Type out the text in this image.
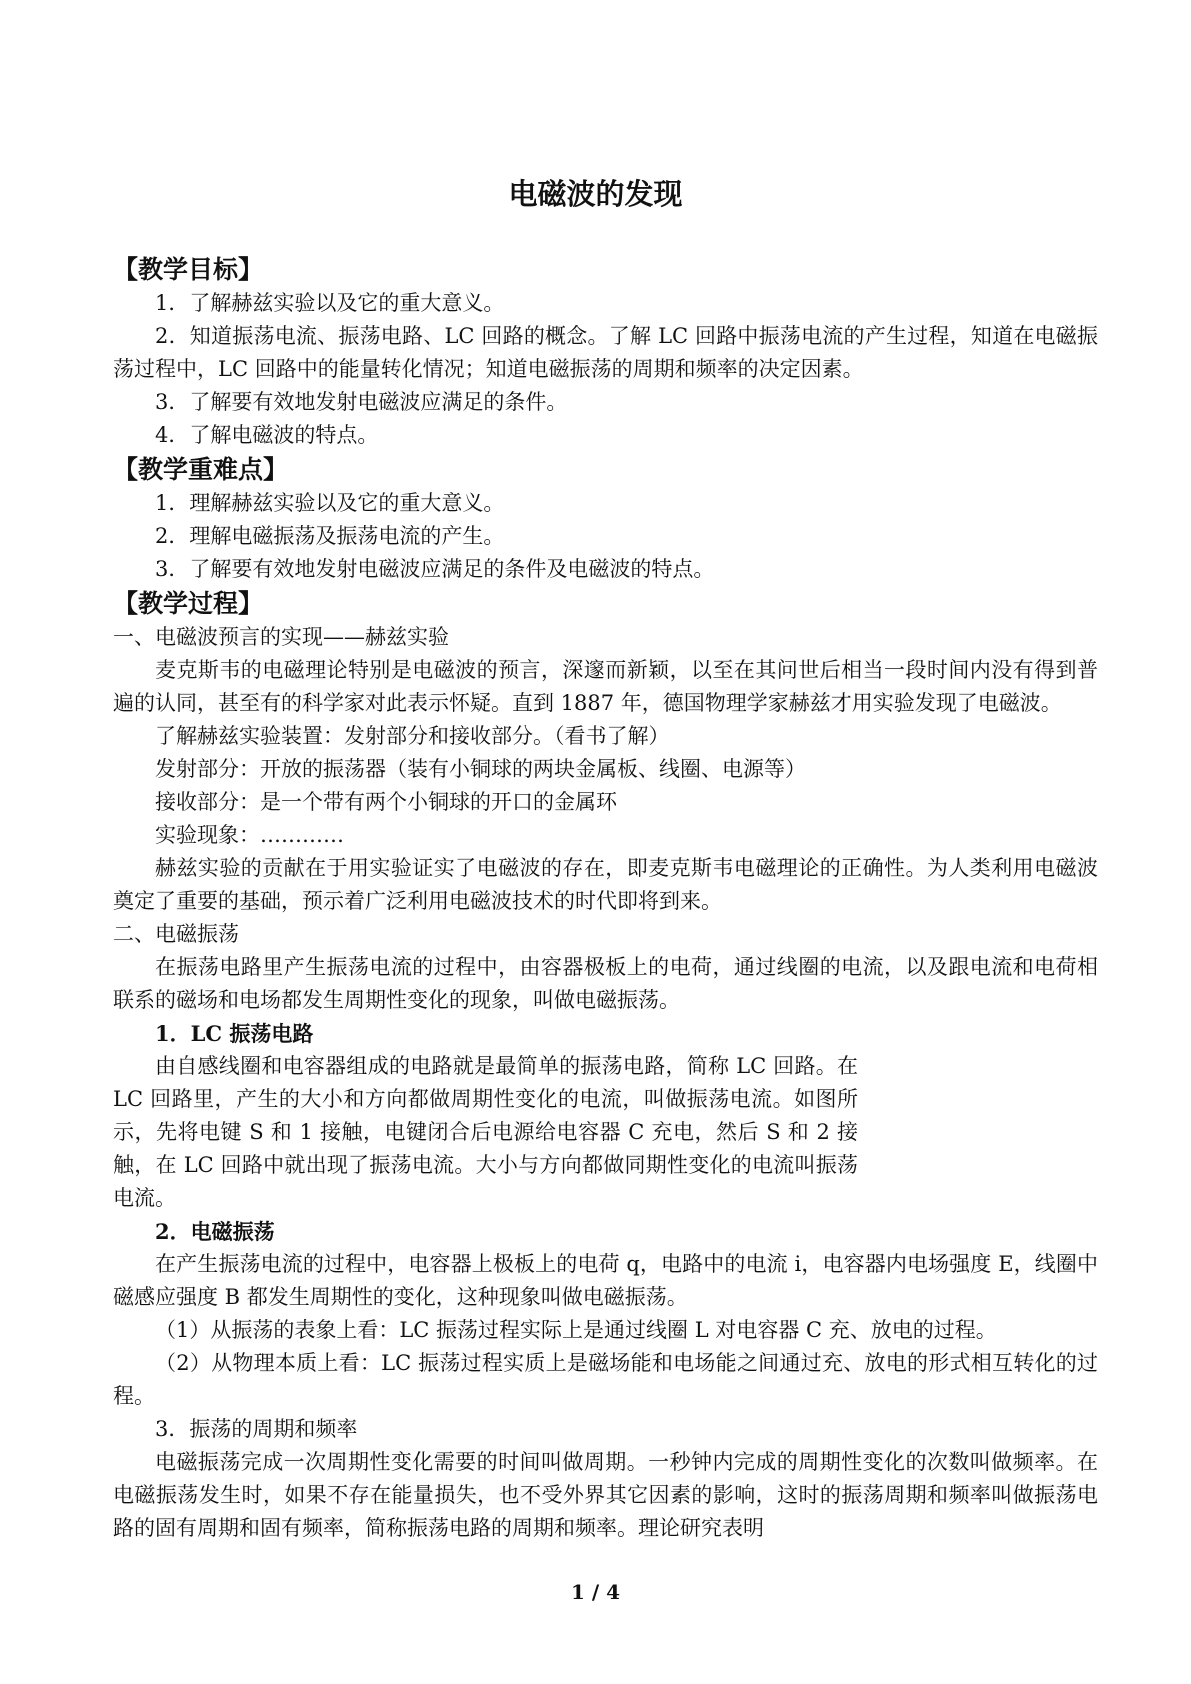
电磁波的发现
【教学目标】

1．了解赫兹实验以及它的重大意义。

2．知道振荡电流、振荡电路、LC 回路的概念。了解 LC 回路中振荡电流的产生过程，知道在电磁振荡过程中，LC 回路中的能量转化情况；知道电磁振荡的周期和频率的决定因素。

3．了解要有效地发射电磁波应满足的条件。

4．了解电磁波的特点。

【教学重难点】

1．理解赫兹实验以及它的重大意义。

2．理解电磁振荡及振荡电流的产生。

3．了解要有效地发射电磁波应满足的条件及电磁波的特点。

【教学过程】

一、电磁波预言的实现——赫兹实验

麦克斯韦的电磁理论特别是电磁波的预言，深邃而新颖，以至在其问世后相当一段时间内没有得到普遍的认同，甚至有的科学家对此表示怀疑。直到 1887 年，德国物理学家赫兹才用实验发现了电磁波。

了解赫兹实验装置：发射部分和接收部分。（看书了解）

发射部分：开放的振荡器（装有小铜球的两块金属板、线圈、电源等）

接收部分：是一个带有两个小铜球的开口的金属环

实验现象：…………

赫兹实验的贡献在于用实验证实了电磁波的存在，即麦克斯韦电磁理论的正确性。为人类利用电磁波奠定了重要的基础，预示着广泛利用电磁波技术的时代即将到来。

二、电磁振荡

在振荡电路里产生振荡电流的过程中，由容器极板上的电荷，通过线圈的电流，以及跟电流和电荷相联系的磁场和电场都发生周期性变化的现象，叫做电磁振荡。

1．LC 振荡电路

由自感线圈和电容器组成的电路就是最简单的振荡电路，简称 LC 回路。在 LC 回路里，产生的大小和方向都做周期性变化的电流，叫做振荡电流。如图所示，先将电键 S 和 1 接触，电键闭合后电源给电容器 C 充电，然后 S 和 2 接触，在 LC 回路中就出现了振荡电流。大小与方向都做同期性变化的电流叫振荡电流。

2．电磁振荡

在产生振荡电流的过程中，电容器上极板上的电荷 q，电路中的电流 i，电容器内电场强度 E，线圈中磁感应强度 B 都发生周期性的变化，这种现象叫做电磁振荡。

（1）从振荡的表象上看：LC 振荡过程实际上是通过线圈 L 对电容器 C 充、放电的过程。

（2）从物理本质上看：LC 振荡过程实质上是磁场能和电场能之间通过充、放电的形式相互转化的过程。

3．振荡的周期和频率

电磁振荡完成一次周期性变化需要的时间叫做周期。一秒钟内完成的周期性变化的次数叫做频率。在电磁振荡发生时，如果不存在能量损失，也不受外界其它因素的影响，这时的振荡周期和频率叫做振荡电路的固有周期和固有频率，简称振荡电路的周期和频率。理论研究表明

1 / 4
